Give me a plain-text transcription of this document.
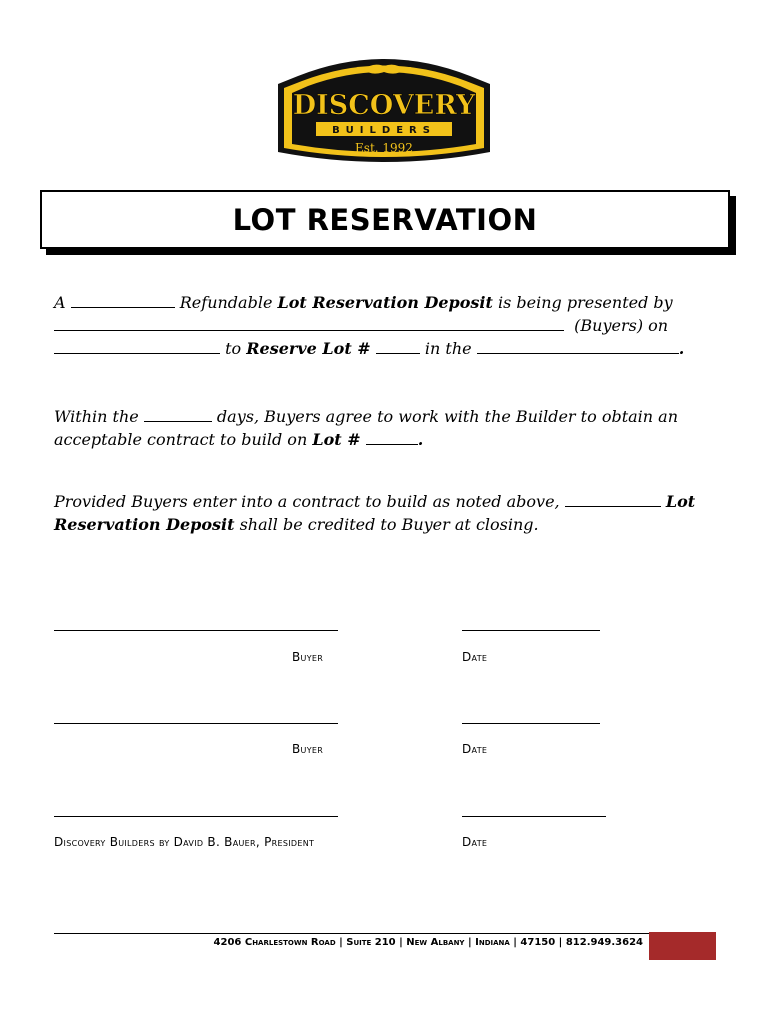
DISCOVERY
BUILDERS
Est. 1992
LOT RESERVATION
A	Refundable Lot Reservation Deposit is being presented by
(Buyers) on
to Reserve Lot #	in the	.
Within the	days, Buyers agree to work with the Builder to obtain an acceptable contract to build on Lot #	.
Provided Buyers enter into a contract to build as noted above,	Lot Reservation Deposit shall be credited to Buyer at closing.
Buyer	Date
Buyer	Date
Discovery Builders by David B. Bauer, President	Date
4206 Charlestown Road | Suite 210 | New Albany | Indiana | 47150 | 812.949.3624
